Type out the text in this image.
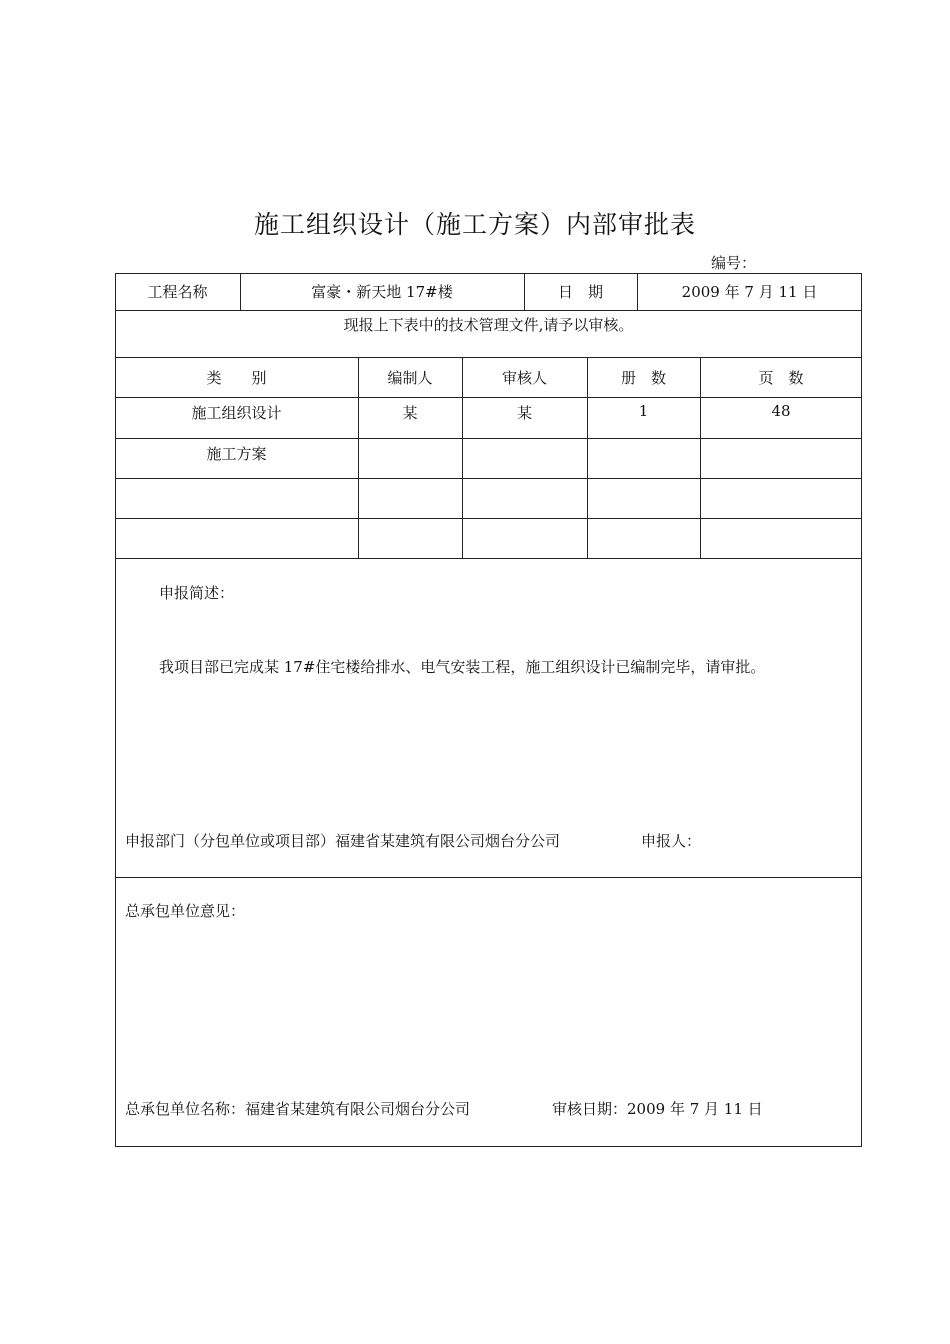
施工组织设计（施工方案）内部审批表
编号：
工程名称	富豪・新天地 17#楼	日　期	2009 年 7 月 11 日
现报上下表中的技术管理文件,请予以审核。
类　　别	编制人	审核人	册　数	页　数
施工组织设计	某	某	1	48
施工方案
申报简述：
我项目部已完成某 17#住宅楼给排水、电气安装工程，施工组织设计已编制完毕，请审批。
申报部门（分包单位或项目部）福建省某建筑有限公司烟台分公司	申报人：
总承包单位意见：
总承包单位名称：福建省某建筑有限公司烟台分公司	审核日期：2009 年 7 月 11 日
